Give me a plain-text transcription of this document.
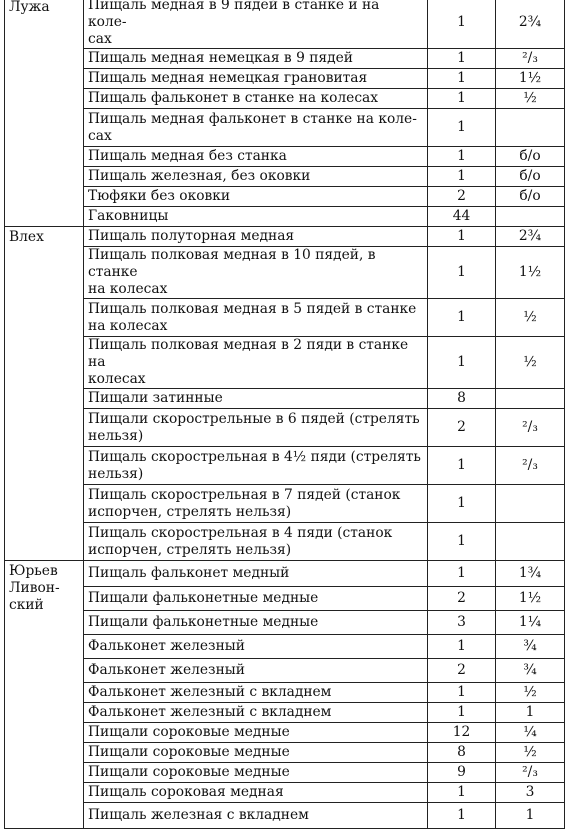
Лужа	Пищаль медная в 9 пядей в станке и на коле-
сах	1	2¾
	Пищаль медная немецкая в 9 пядей	1	²/₃
	Пищаль медная немецкая гранoвитая	1	1½
	Пищаль фальконет в станке на колесах	1	½
	Пищаль медная фальконет в станке на коле-
сах	1	
	Пищаль медная без станка	1	б/о
	Пищаль железная, без оковки	1	б/о
	Тюфяки без оковки	2	б/о
	Гаковницы	44	
Влех	Пищаль полуторная медная	1	2¾
	Пищаль полковая медная в 10 пядей, в станке
на колесах	1	1½
	Пищаль полковая медная в 5 пядей в станке
на колесах	1	½
	Пищаль полковая медная в 2 пяди в станке на
колесах	1	½
	Пищали затинные	8	
	Пищали скорострельные в 6 пядей (стрелять
нельзя)	2	²/₃
	Пищаль скорострельная в 4½ пяди (стрелять
нельзя)	1	²/₃
	Пищаль скорострельная в 7 пядей (станок
испорчен, стрелять нельзя)	1	
	Пищаль скорострельная в 4 пяди (станок
испорчен, стрелять нельзя)	1	
Юрьев
Ливон-
ский	Пищаль фальконет медный	1	1¾
	Пищали фальконетные медные	2	1½
	Пищали фальконетные медные	3	1¼
	Фальконет железный	1	¾
	Фальконет железный	2	¾
	Фальконет железный с вкладнем	1	½
	Фальконет железный с вкладнем	1	1
	Пищали сороковые медные	12	¼
	Пищали сороковые медные	8	½
	Пищали сороковые медные	9	²/₃
	Пищаль сороковая медная	1	3
	Пищаль железная с вкладнем	1	1
